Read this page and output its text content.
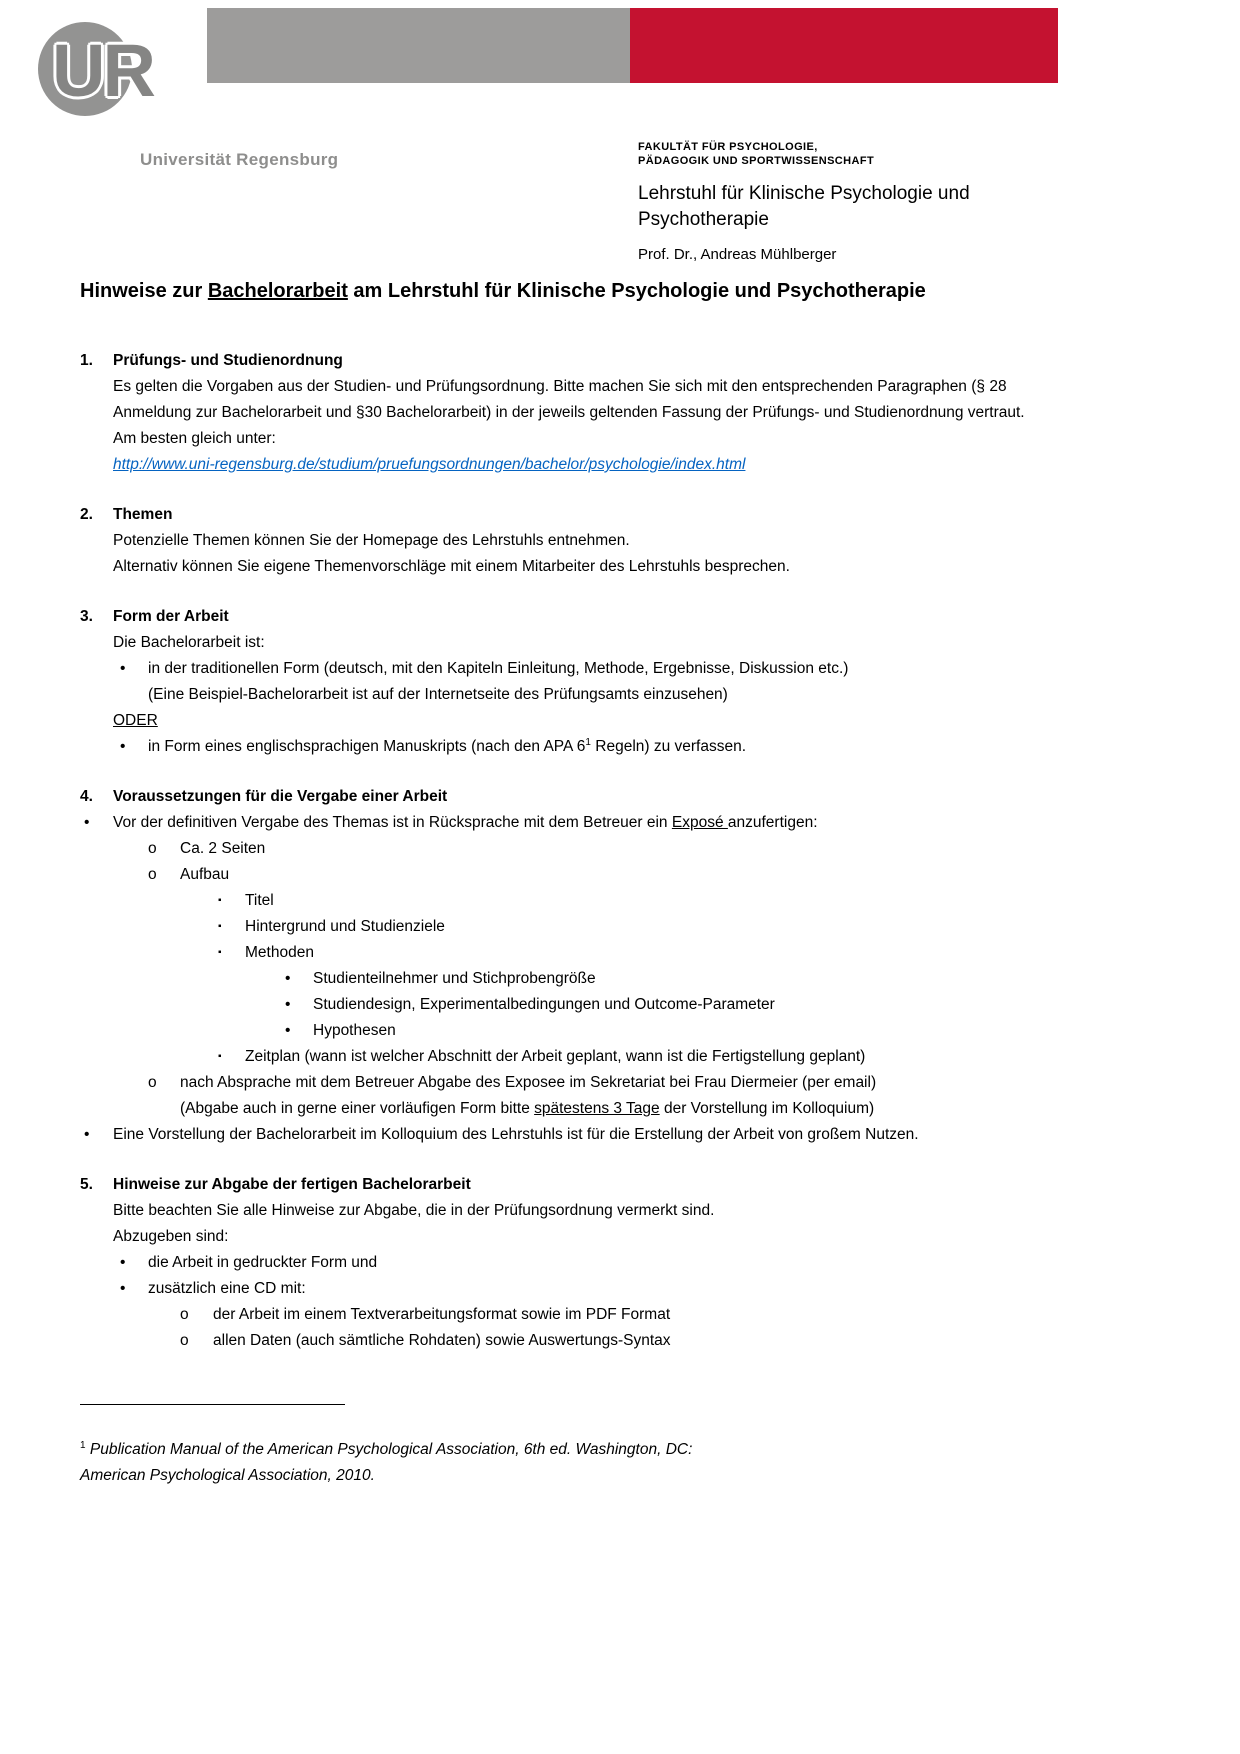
UR
Universität Regensburg
FAKULTÄT FÜR PSYCHOLOGIE,
PÄDAGOGIK UND SPORTWISSENSCHAFT
Lehrstuhl für Klinische Psychologie und
Psychotherapie
Prof. Dr., Andreas Mühlberger
Hinweise zur Bachelorarbeit am Lehrstuhl für Klinische Psychologie und Psychotherapie
1.	Prüfungs- und Studienordnung

Es gelten die Vorgaben aus der Studien- und Prüfungsordnung. Bitte machen Sie sich mit den entsprechenden Paragraphen (§ 28 Anmeldung zur Bachelorarbeit und §30 Bachelorarbeit) in der jeweils geltenden Fassung der Prüfungs- und Studienordnung vertraut. Am besten gleich unter:

http://www.uni-regensburg.de/studium/pruefungsordnungen/bachelor/psychologie/index.html
2.	Themen
Potenzielle Themen können Sie der Homepage des Lehrstuhls entnehmen.
Alternativ können Sie eigene Themenvorschläge mit einem Mitarbeiter des Lehrstuhls besprechen.
3.	Form der Arbeit
Die Bachelorarbeit ist:
•	in der traditionellen Form (deutsch, mit den Kapiteln Einleitung, Methode, Ergebnisse, Diskussion etc.)
(Eine Beispiel-Bachelorarbeit ist auf der Internetseite des Prüfungsamts einzusehen)
ODER
•	in Form eines englischsprachigen Manuskripts (nach den APA $6^1$ Regeln) zu verfassen.
4.	Voraussetzungen für die Vergabe einer Arbeit
•	Vor der definitiven Vergabe des Themas ist in Rücksprache mit dem Betreuer ein Exposé anzufertigen:
o	Ca. 2 Seiten
o	Aufbau
▪	Titel
▪	Hintergrund und Studienziele
▪	Methoden
•	Studienteilnehmer und Stichprobengröße
•	Studiendesign, Experimentalbedingungen und Outcome-Parameter
•	Hypothesen
▪	Zeitplan (wann ist welcher Abschnitt der Arbeit geplant, wann ist die Fertigstellung geplant)
o	nach Absprache mit dem Betreuer Abgabe des Exposee im Sekretariat bei Frau Diermeier (per email)
(Abgabe auch in gerne einer vorläufigen Form bitte spätestens 3 Tage der Vorstellung im Kolloquium)
•	Eine Vorstellung der Bachelorarbeit im Kolloquium des Lehrstuhls ist für die Erstellung der Arbeit von großem Nutzen.
5.	Hinweise zur Abgabe der fertigen Bachelorarbeit
Bitte beachten Sie alle Hinweise zur Abgabe, die in der Prüfungsordnung vermerkt sind.
Abzugeben sind:
•	die Arbeit in gedruckter Form und
•	zusätzlich eine CD mit:
o	der Arbeit im einem Textverarbeitungsformat sowie im PDF Format
o	allen Daten (auch sämtliche Rohdaten) sowie Auswertungs-Syntax
$^1$ Publication Manual of the American Psychological Association, 6th ed. Washington, DC:
American Psychological Association, 2010.
